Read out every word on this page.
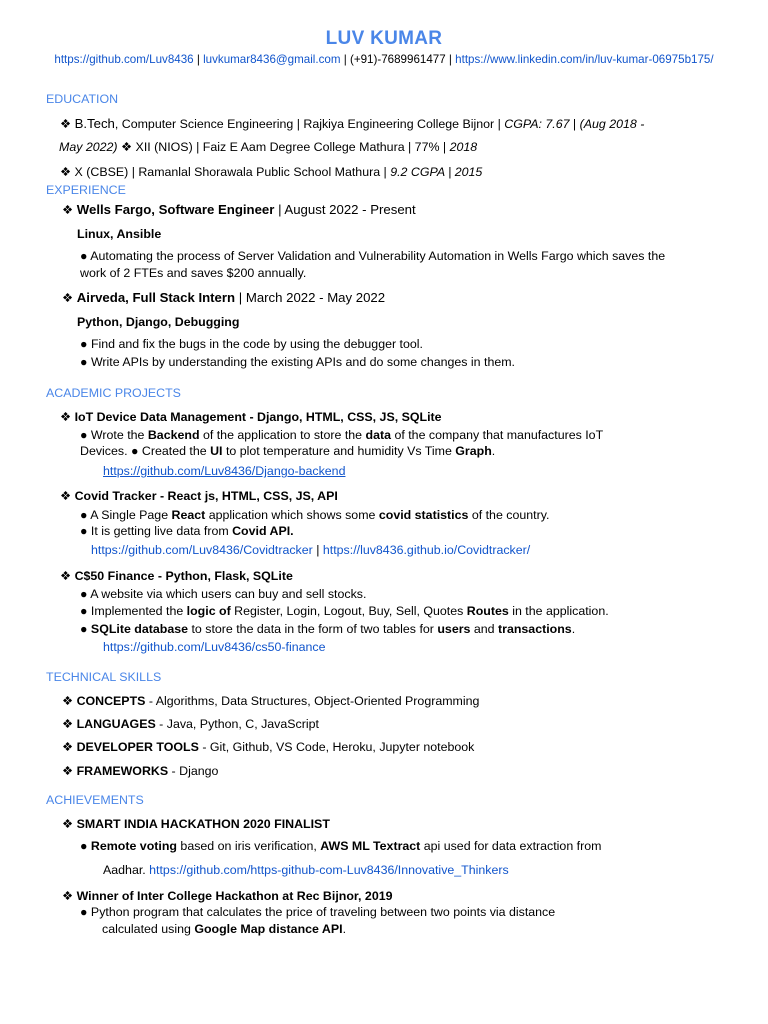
LUV KUMAR
https://github.com/Luv8436 | luvkumar8436@gmail.com | (+91)-7689961477 | https://www.linkedin.com/in/luv-kumar-06975b175/
EDUCATION
❖ B.Tech, Computer Science Engineering | Rajkiya Engineering College Bijnor | CGPA: 7.67 | (Aug 2018 -
May 2022) ❖ XII (NIOS) | Faiz E Aam Degree College Mathura | 77% | 2018
❖ X (CBSE) | Ramanlal Shorawala Public School Mathura | 9.2 CGPA | 2015
EXPERIENCE
❖ Wells Fargo, Software Engineer | August 2022 - Present
Linux, Ansible
● Automating the process of Server Validation and Vulnerability Automation in Wells Fargo which saves the
work of 2 FTEs and saves $200 annually.
❖ Airveda, Full Stack Intern | March 2022 - May 2022
Python, Django, Debugging
● Find and fix the bugs in the code by using the debugger tool.
● Write APIs by understanding the existing APIs and do some changes in them.
ACADEMIC PROJECTS
❖ IoT Device Data Management - Django, HTML, CSS, JS, SQLite
● Wrote the Backend of the application to store the data of the company that manufactures IoT
Devices. ● Created the UI to plot temperature and humidity Vs Time Graph.
https://github.com/Luv8436/Django-backend
❖ Covid Tracker - React js, HTML, CSS, JS, API
● A Single Page React application which shows some covid statistics of the country.
● It is getting live data from Covid API.
https://github.com/Luv8436/Covidtracker | https://luv8436.github.io/Covidtracker/
❖ C$50 Finance - Python, Flask, SQLite
● A website via which users can buy and sell stocks.
● Implemented the logic of Register, Login, Logout, Buy, Sell, Quotes Routes in the application.
● SQLite database to store the data in the form of two tables for users and transactions.
https://github.com/Luv8436/cs50-finance
TECHNICAL SKILLS
❖ CONCEPTS - Algorithms, Data Structures, Object-Oriented Programming
❖ LANGUAGES - Java, Python, C, JavaScript
❖ DEVELOPER TOOLS - Git, Github, VS Code, Heroku, Jupyter notebook
❖ FRAMEWORKS - Django
ACHIEVEMENTS
❖ SMART INDIA HACKATHON 2020 FINALIST
● Remote voting based on iris verification, AWS ML Textract api used for data extraction from
Aadhar. https://github.com/https-github-com-Luv8436/Innovative_Thinkers
❖ Winner of Inter College Hackathon at Rec Bijnor, 2019
● Python program that calculates the price of traveling between two points via distance
calculated using Google Map distance API.
